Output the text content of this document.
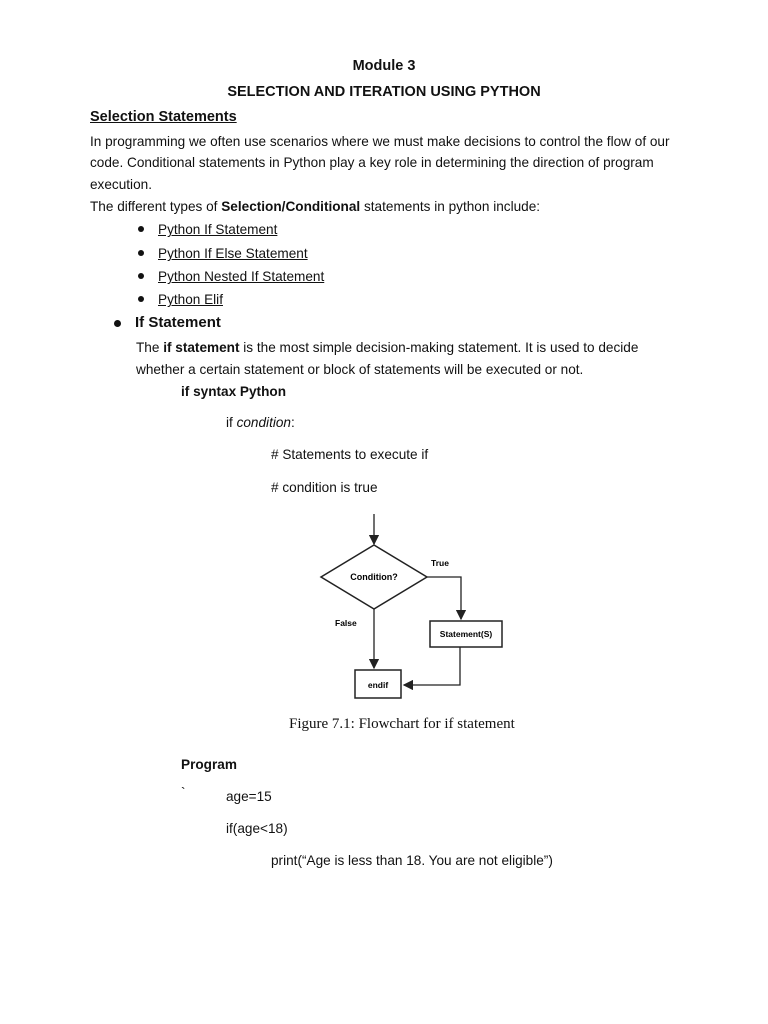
Module 3
SELECTION AND ITERATION USING PYTHON
Selection Statements
In programming we often use scenarios where we must make decisions to control the flow of our
code. Conditional statements in Python play a key role in determining the direction of program
execution.
The different types of Selection/Conditional statements in python include:
Python If Statement
Python If Else Statement
Python Nested If Statement
Python Elif
If Statement
The if statement is the most simple decision-making statement. It is used to decide
whether a certain statement or block of statements will be executed or not.
if syntax Python
if condition:
# Statements to execute if
# condition is true
Condition?
True
Statement(S)
False
endif
Figure 7.1: Flowchart for if statement
Program
`	age=15
if(age<18)
print(“Age is less than 18. You are not eligible”)
